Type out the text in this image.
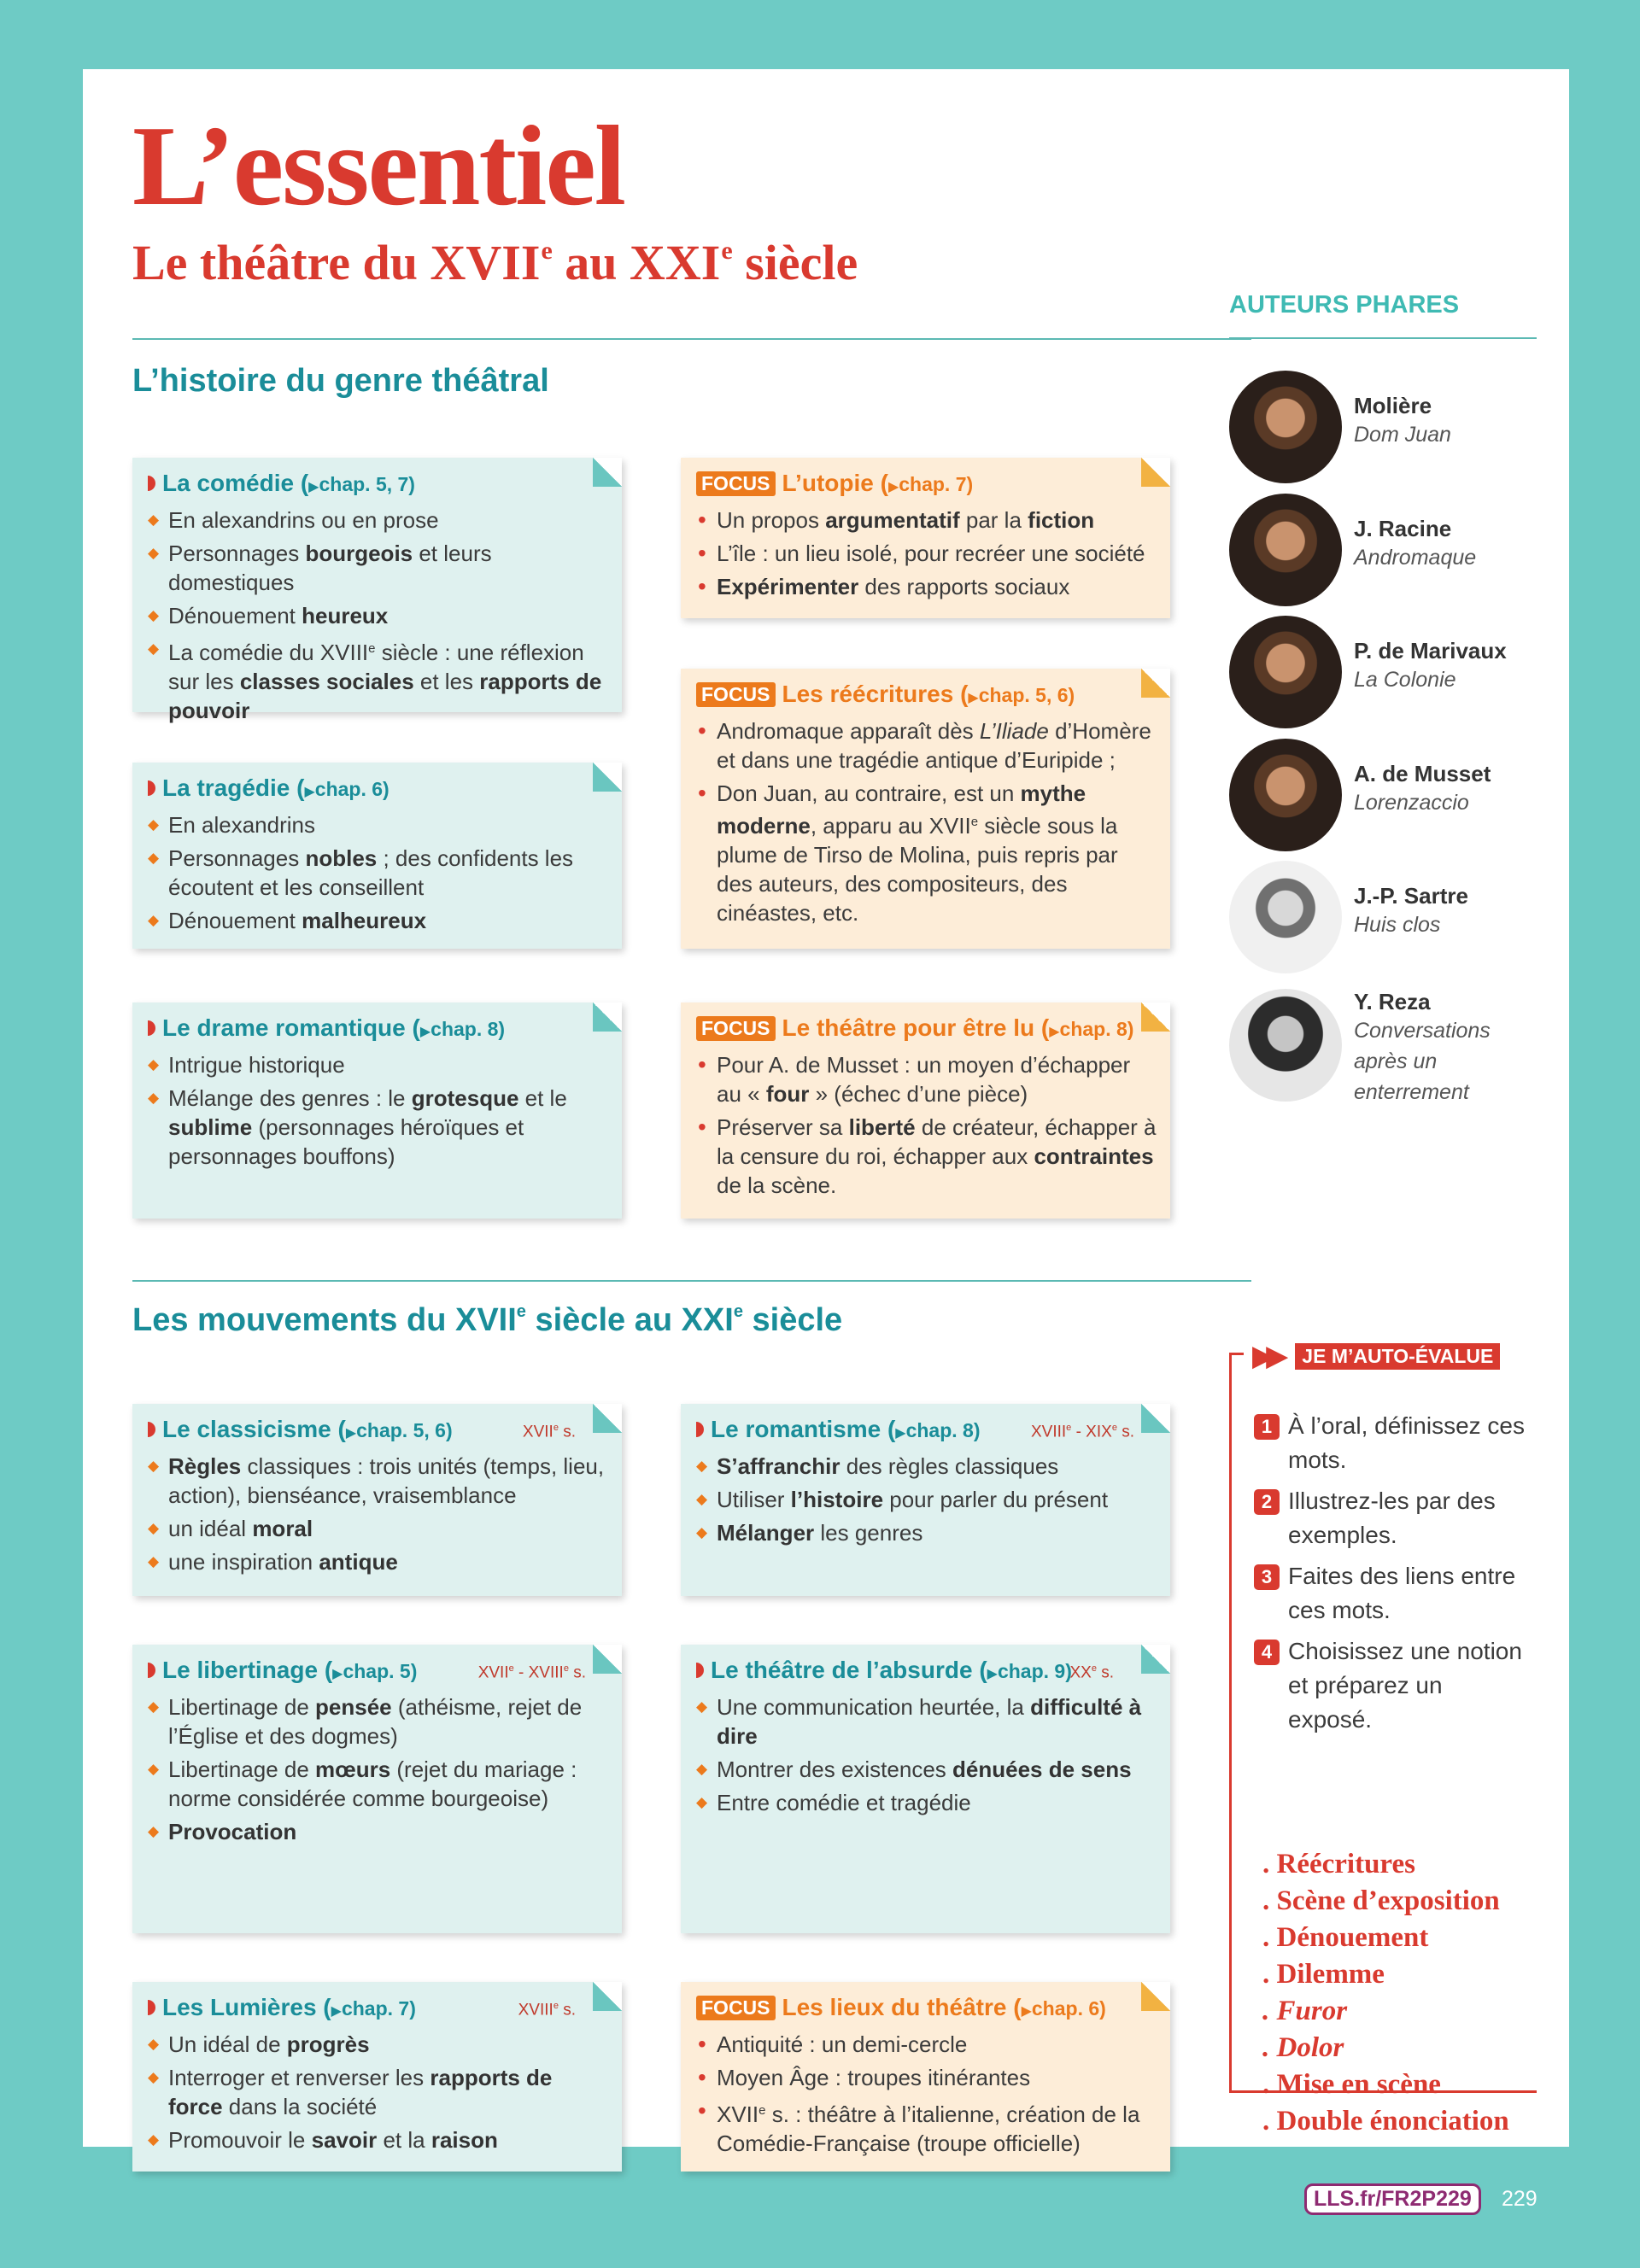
L’essentiel
Le théâtre du XVIIe au XXIe siècle
L’histoire du genre théâtral
La comédie (▶chap. 5, 7)
◆ En alexandrins ou en prose
◆ Personnages bourgeois et leurs domestiques
◆ Dénouement heureux
◆ La comédie du XVIIIe siècle : une réflexion sur les classes sociales et les rapports de pouvoir
La tragédie (▶chap. 6)
◆ En alexandrins
◆ Personnages nobles ; des confidents les écoutent et les conseillent
◆ Dénouement malheureux
Le drame romantique (▶chap. 8)
◆ Intrigue historique
◆ Mélange des genres : le grotesque et le sublime (personnages héroïques et personnages bouffons)
FOCUS L’utopie (▶chap. 7)
• Un propos argumentatif par la fiction
• L’île : un lieu isolé, pour recréer une société
• Expérimenter des rapports sociaux
FOCUS Les réécritures (▶chap. 5, 6)
• Andromaque apparaît dès L’Iliade d’Homère et dans une tragédie antique d’Euripide ;
• Don Juan, au contraire, est un mythe moderne, apparu au XVIIe siècle sous la plume de Tirso de Molina, puis repris par des auteurs, des compositeurs, des cinéastes, etc.
FOCUS Le théâtre pour être lu (▶chap. 8)
• Pour A. de Musset : un moyen d’échapper au « four » (échec d’une pièce)
• Préserver sa liberté de créateur, échapper à la censure du roi, échapper aux contraintes de la scène.
Les mouvements du XVIIe siècle au XXIe siècle
Le classicisme (▶chap. 5, 6)	XVIIe s.
◆ Règles classiques : trois unités (temps, lieu, action), bienséance, vraisemblance
◆ un idéal moral
◆ une inspiration antique
Le libertinage (▶chap. 5)	XVIIe - XVIIIe s.
◆ Libertinage de pensée (athéisme, rejet de l’Église et des dogmes)
◆ Libertinage de mœurs (rejet du mariage : norme considérée comme bourgeoise)
◆ Provocation
Les Lumières (▶chap. 7)	XVIIIe s.
◆ Un idéal de progrès
◆ Interroger et renverser les rapports de force dans la société
◆ Promouvoir le savoir et la raison
Le romantisme (▶chap. 8)	XVIIIe - XIXe s.
◆ S’affranchir des règles classiques
◆ Utiliser l’histoire pour parler du présent
◆ Mélanger les genres
Le théâtre de l’absurde (▶chap. 9)
XXe s.
◆ Une communication heurtée, la difficulté à dire
◆ Montrer des existences dénuées de sens
◆ Entre comédie et tragédie
FOCUS Les lieux du théâtre (▶chap. 6)
• Antiquité : un demi-cercle
• Moyen Âge : troupes itinérantes
• XVIIe s. : théâtre à l’italienne, création de la Comédie-Française (troupe officielle)
AUTEURS PHARES
Molière
Dom Juan
J. Racine
Andromaque
P. de Marivaux
La Colonie
A. de Musset
Lorenzaccio
J.-P. Sartre
Huis clos
Y. Reza
Conversations après un enterrement
▶▶	JE M’AUTO-ÉVALUE
1 À l’oral, définissez ces mots.
2 Illustrez-les par des exemples.
3 Faites des liens entre ces mots.
4 Choisissez une notion et préparez un exposé.
. Réécritures
. Scène d’exposition
. Dénouement
. Dilemme
. Furor
. Dolor
. Mise en scène
. Double énonciation
LLS.fr/FR2P229	229
